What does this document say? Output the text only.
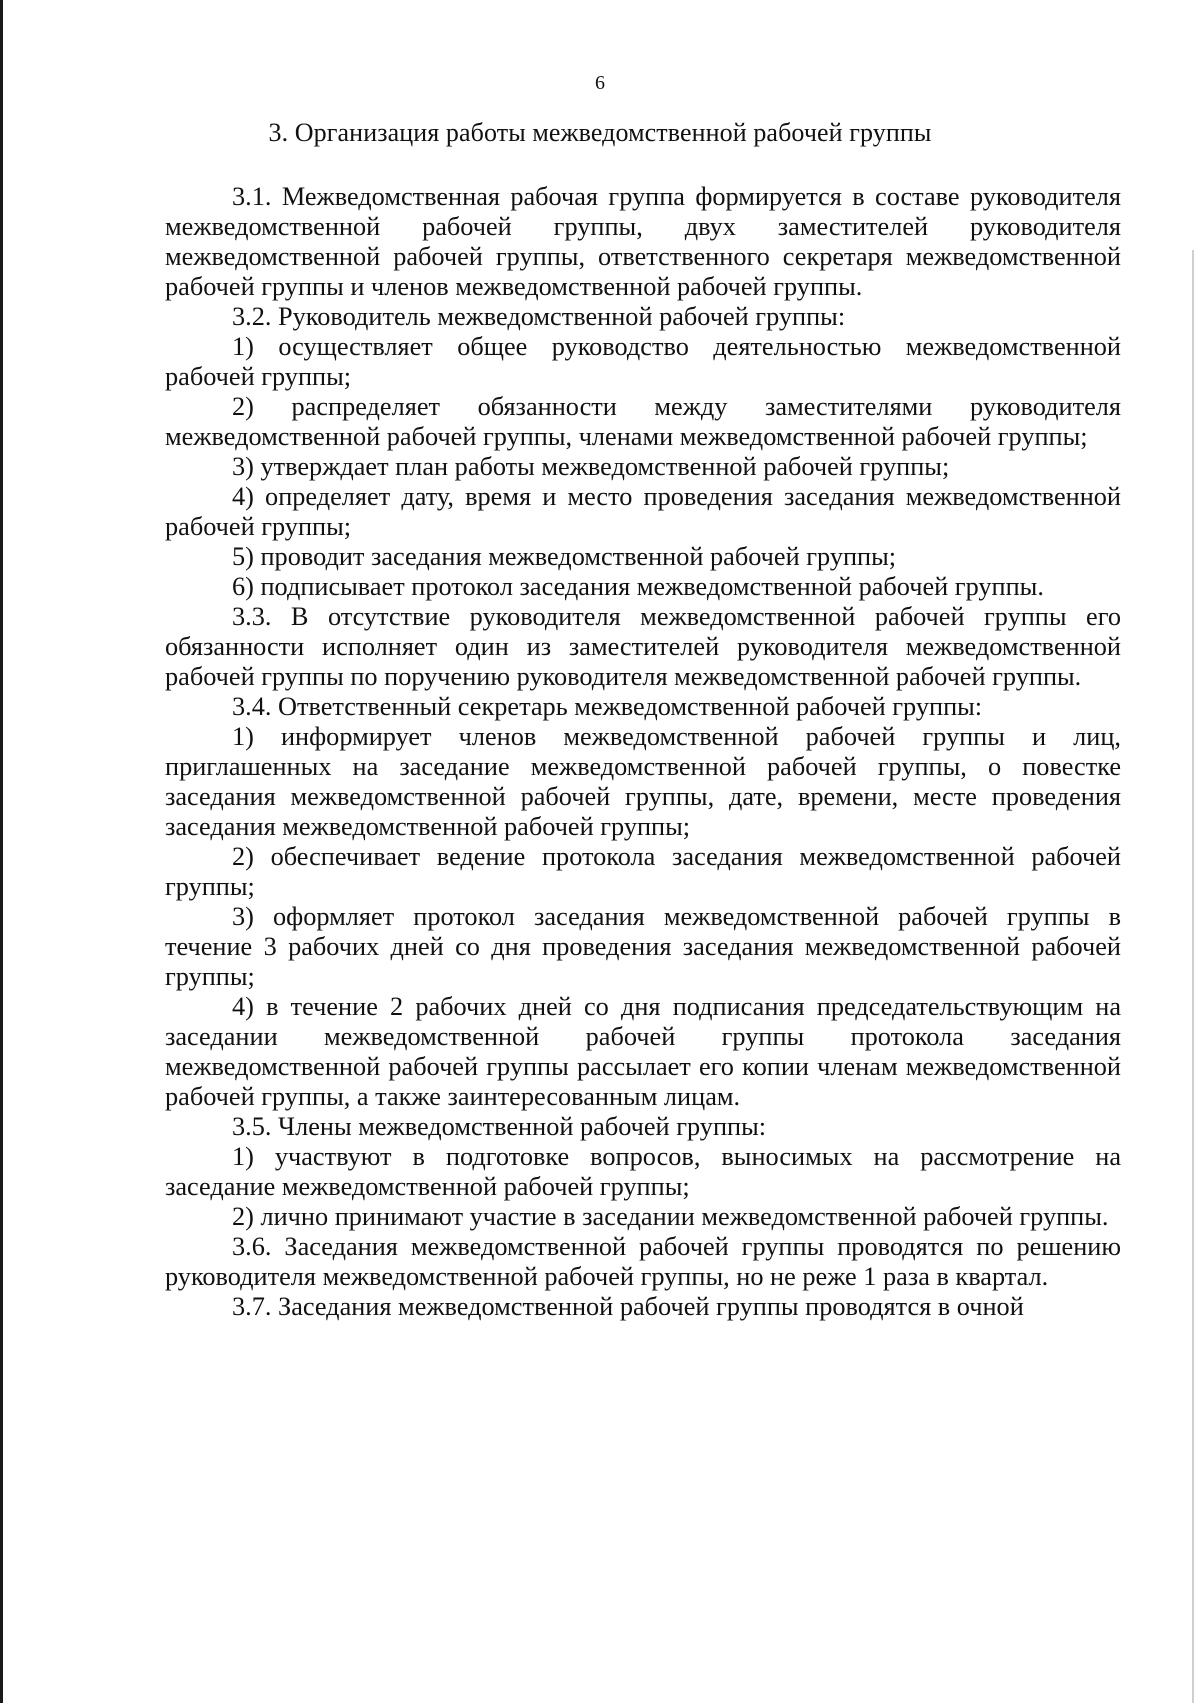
6
3. Организация работы межведомственной рабочей группы

3.1. Межведомственная рабочая группа формируется в составе руководителя межведомственной рабочей группы, двух заместителей руководителя межведомственной рабочей группы, ответственного секретаря межведомственной рабочей группы и членов межведомственной рабочей группы.

3.2. Руководитель межведомственной рабочей группы:

1) осуществляет общее руководство деятельностью межведомственной рабочей группы;

2) распределяет обязанности между заместителями руководителя межведомственной рабочей группы, членами межведомственной рабочей группы;

3) утверждает план работы межведомственной рабочей группы;

4) определяет дату, время и место проведения заседания межведомственной рабочей группы;

5) проводит заседания межведомственной рабочей группы;

6) подписывает протокол заседания межведомственной рабочей группы.

3.3. В отсутствие руководителя межведомственной рабочей группы его обязанности исполняет один из заместителей руководителя межведомственной рабочей группы по поручению руководителя межведомственной рабочей группы.

3.4. Ответственный секретарь межведомственной рабочей группы:

1) информирует членов межведомственной рабочей группы и лиц, приглашенных на заседание межведомственной рабочей группы, о повестке заседания межведомственной рабочей группы, дате, времени, месте проведения заседания межведомственной рабочей группы;

2) обеспечивает ведение протокола заседания межведомственной рабочей группы;

3) оформляет протокол заседания межведомственной рабочей группы в течение 3 рабочих дней со дня проведения заседания межведомственной рабочей группы;

4) в течение 2 рабочих дней со дня подписания председательствующим на заседании межведомственной рабочей группы протокола заседания межведомственной рабочей группы рассылает его копии членам межведомственной рабочей группы, а также заинтересованным лицам.

3.5. Члены межведомственной рабочей группы:

1) участвуют в подготовке вопросов, выносимых на рассмотрение на заседание межведомственной рабочей группы;

2) лично принимают участие в заседании межведомственной рабочей группы.

3.6. Заседания межведомственной рабочей группы проводятся по решению руководителя межведомственной рабочей группы, но не реже 1 раза в квартал.

3.7. Заседания межведомственной рабочей группы проводятся в очной
